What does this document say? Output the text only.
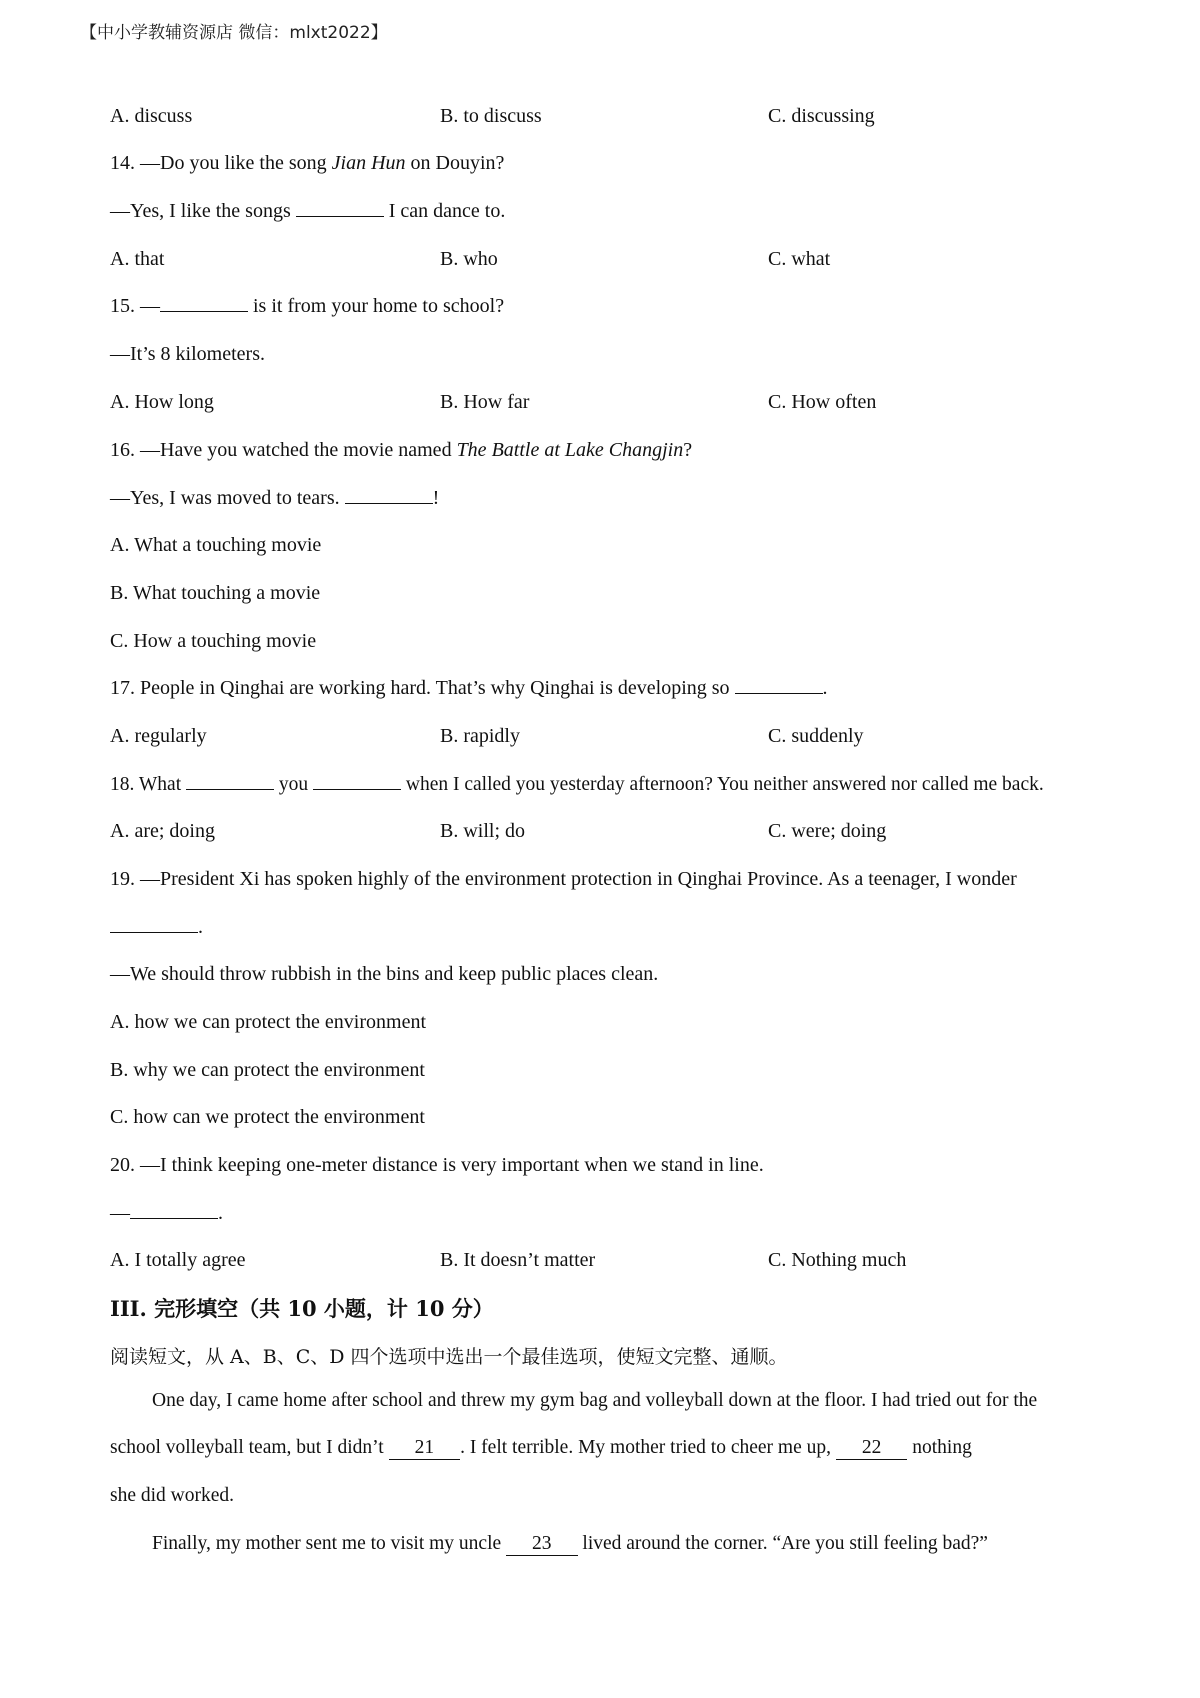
【中小学教辅资源店 微信：mlxt2022】
A. discuss	B. to discuss	C. discussing
14. —Do you like the song Jian Hun on Douyin?
—Yes, I like the songs	I can dance to.
A. that	B. who	C. what
15. —	is it from your home to school?
—It’s 8 kilometers.
A. How long	B. How far	C. How often
16. —Have you watched the movie named The Battle at Lake Changjin?
—Yes, I was moved to tears.	!
A. What a touching movie
B. What touching a movie
C. How a touching movie
17. People in Qinghai are working hard. That’s why Qinghai is developing so	.
A. regularly	B. rapidly	C. suddenly
18. What	you	when I called you yesterday afternoon? You neither answered nor called me back.
A. are; doing	B. will; do	C. were; doing
19. —President Xi has spoken highly of the environment protection in Qinghai Province. As a teenager, I wonder
.
—We should throw rubbish in the bins and keep public places clean.
A. how we can protect the environment
B. why we can protect the environment
C. how can we protect the environment
20. —I think keeping one-meter distance is very important when we stand in line.
—	.
A. I totally agree	B. It doesn’t matter	C. Nothing much
III. 完形填空（共 10 小题，计 10 分）
阅读短文，从 A、B、C、D 四个选项中选出一个最佳选项，使短文完整、通顺。
One day, I came home after school and threw my gym bag and volleyball down at the floor. I had tried out for the
school volleyball team, but I didn’t 21 . I felt terrible. My mother tried to cheer me up, 22 nothing
she did worked.
Finally, my mother sent me to visit my uncle 23 lived around the corner. “Are you still feeling bad?”
